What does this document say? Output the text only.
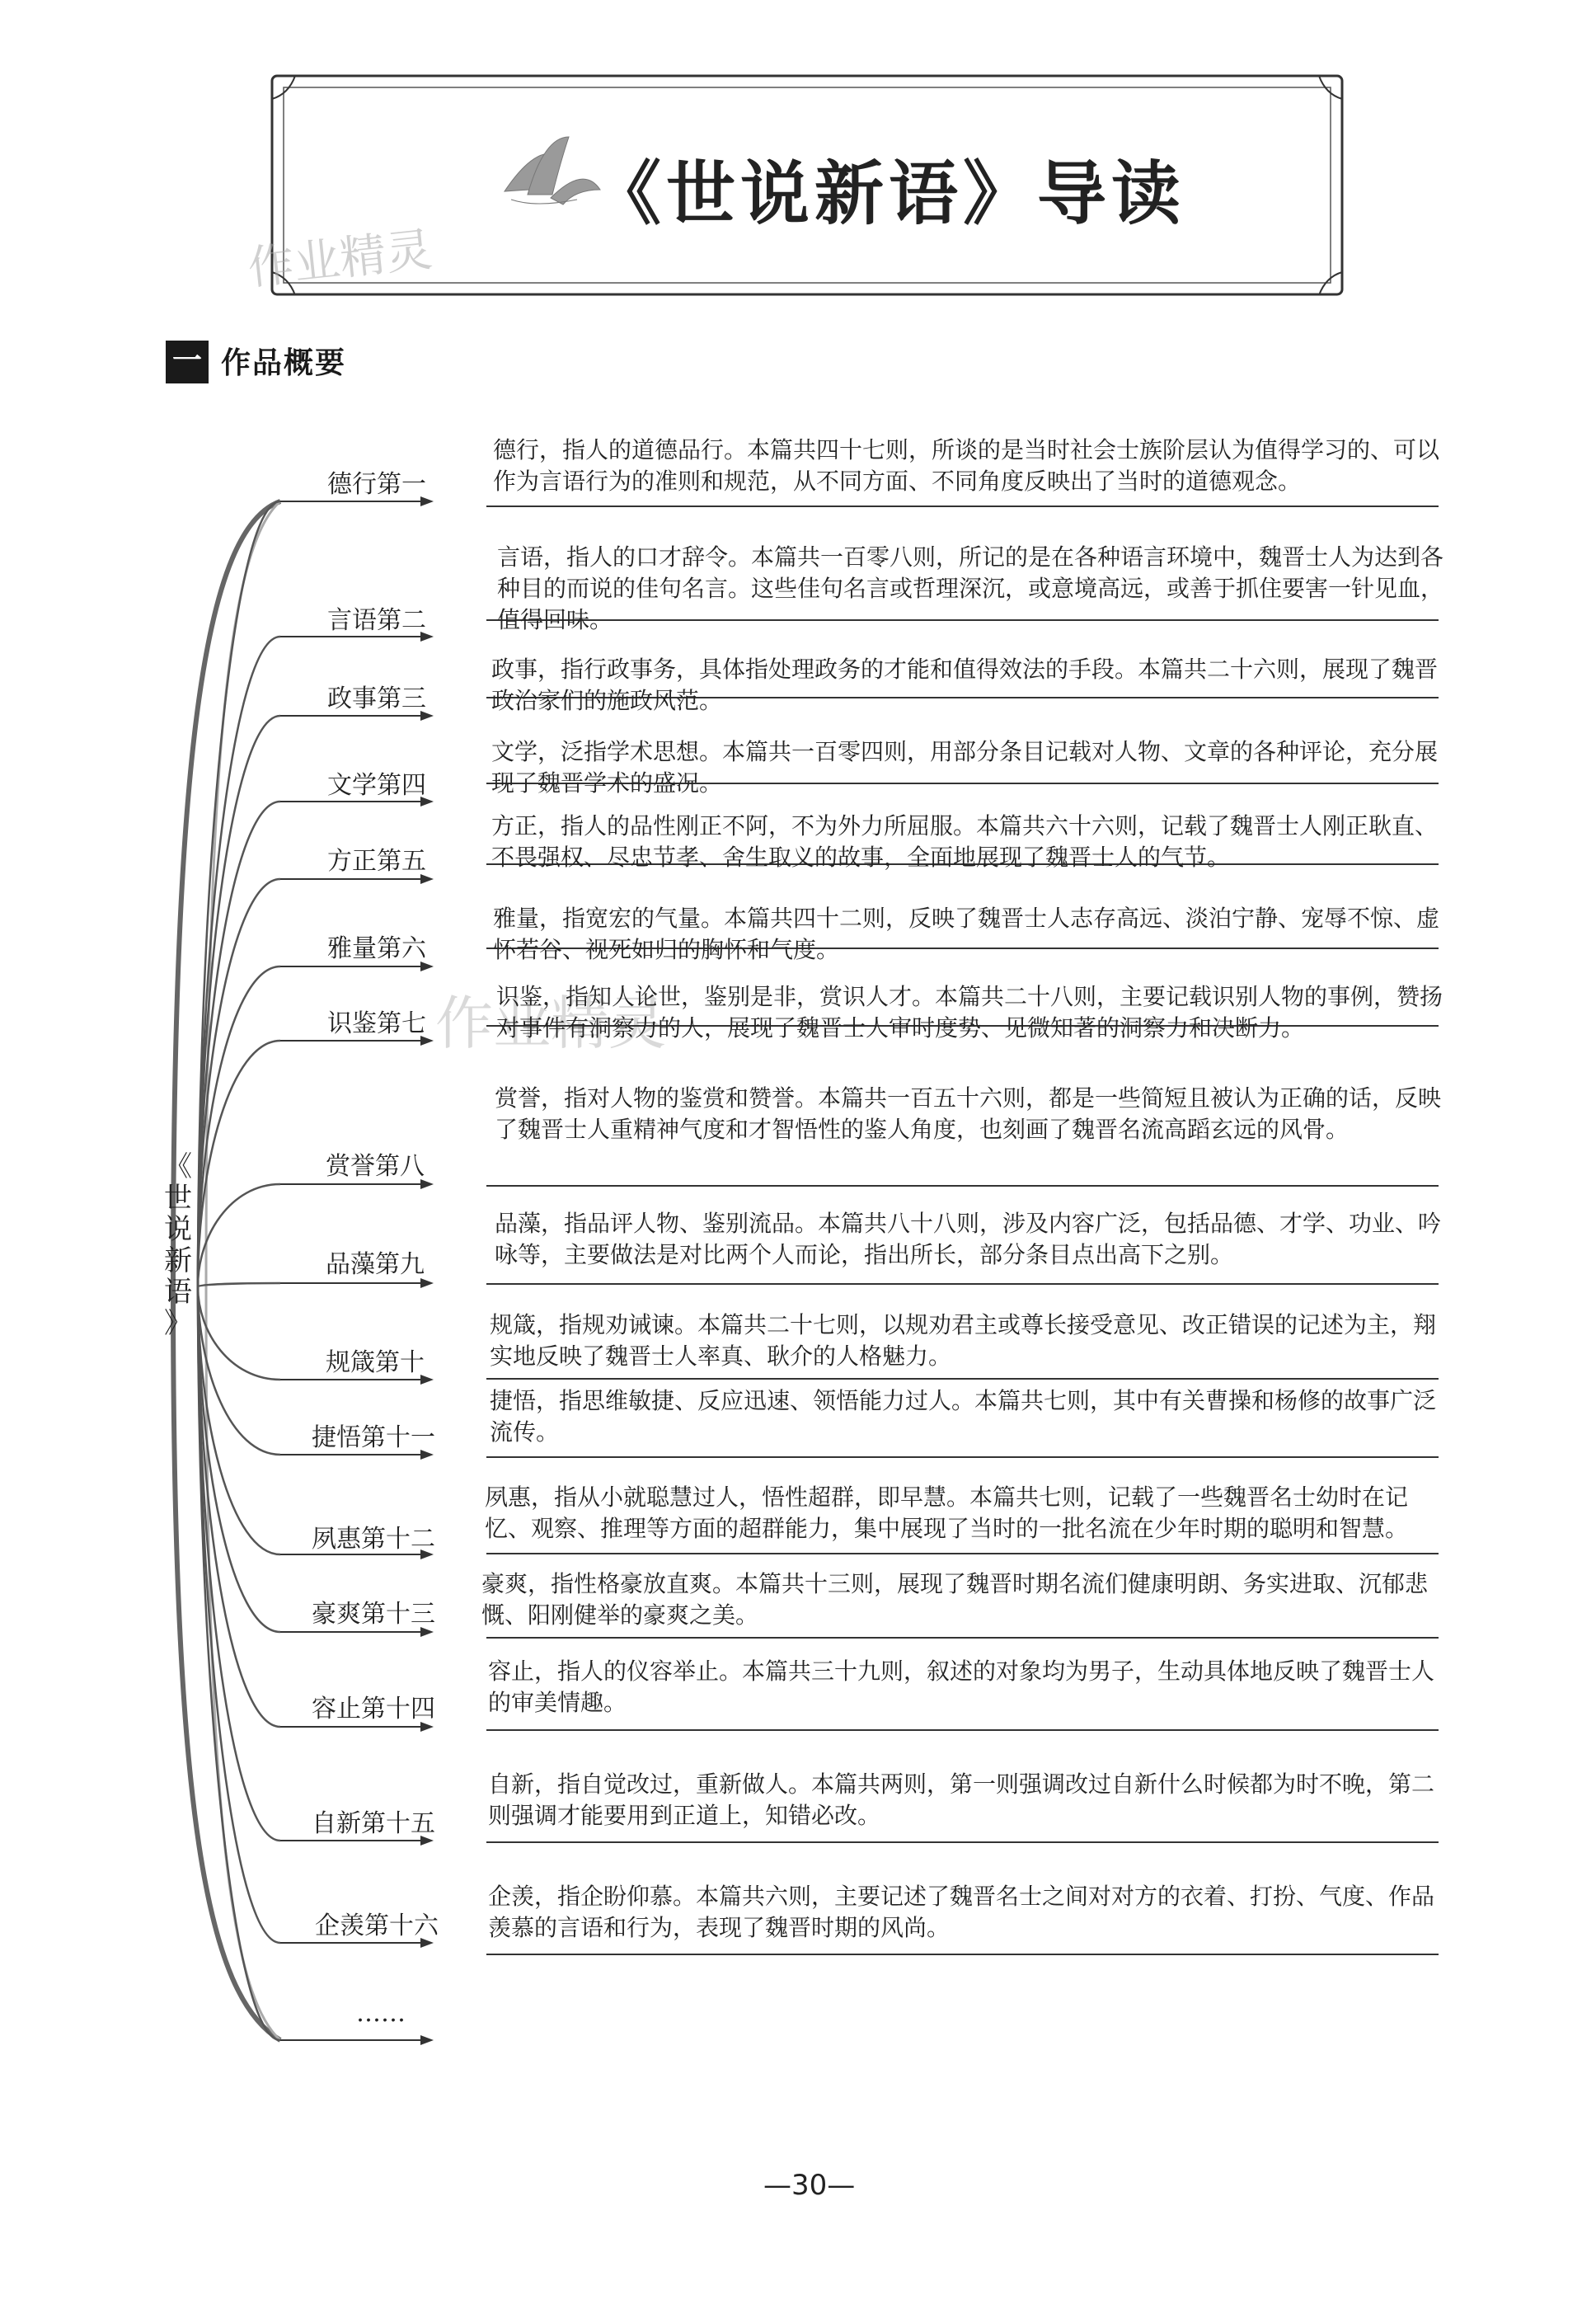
《世说新语》导读
作业精灵
作业精灵
一 作品概要
《
世
说
新
语
》
德行第一
言语第二
政事第三
文学第四
方正第五
雅量第六
识鉴第七
赏誉第八
品藻第九
规箴第十
捷悟第十一
夙惠第十二
豪爽第十三
容止第十四
自新第十五
企羡第十六
……

德行，指人的道德品行。本篇共四十七则，所谈的是当时社会士族阶层认为值得学习的、可以作为言语行为的准则和规范，从不同方面、不同角度反映出了当时的道德观念。

言语，指人的口才辞令。本篇共一百零八则，所记的是在各种语言环境中，魏晋士人为达到各种目的而说的佳句名言。这些佳句名言或哲理深沉，或意境高远，或善于抓住要害一针见血，值得回味。

政事，指行政事务，具体指处理政务的才能和值得效法的手段。本篇共二十六则，展现了魏晋政治家们的施政风范。

文学，泛指学术思想。本篇共一百零四则，用部分条目记载对人物、文章的各种评论，充分展现了魏晋学术的盛况。

方正，指人的品性刚正不阿，不为外力所屈服。本篇共六十六则，记载了魏晋士人刚正耿直、不畏强权、尽忠节孝、舍生取义的故事，全面地展现了魏晋士人的气节。

雅量，指宽宏的气量。本篇共四十二则，反映了魏晋士人志存高远、淡泊宁静、宠辱不惊、虚怀若谷、视死如归的胸怀和气度。

识鉴，指知人论世，鉴别是非，赏识人才。本篇共二十八则，主要记载识别人物的事例，赞扬对事件有洞察力的人，展现了魏晋士人审时度势、见微知著的洞察力和决断力。

赏誉，指对人物的鉴赏和赞誉。本篇共一百五十六则，都是一些简短且被认为正确的话，反映了魏晋士人重精神气度和才智悟性的鉴人角度，也刻画了魏晋名流高蹈玄远的风骨。

品藻，指品评人物、鉴别流品。本篇共八十八则，涉及内容广泛，包括品德、才学、功业、吟咏等，主要做法是对比两个人而论，指出所长，部分条目点出高下之别。

规箴，指规劝诫谏。本篇共二十七则，以规劝君主或尊长接受意见、改正错误的记述为主，翔实地反映了魏晋士人率真、耿介的人格魅力。

捷悟，指思维敏捷、反应迅速、领悟能力过人。本篇共七则，其中有关曹操和杨修的故事广泛流传。

夙惠，指从小就聪慧过人，悟性超群，即早慧。本篇共七则，记载了一些魏晋名士幼时在记忆、观察、推理等方面的超群能力，集中展现了当时的一批名流在少年时期的聪明和智慧。

豪爽，指性格豪放直爽。本篇共十三则，展现了魏晋时期名流们健康明朗、务实进取、沉郁悲慨、阳刚健举的豪爽之美。

容止，指人的仪容举止。本篇共三十九则，叙述的对象均为男子，生动具体地反映了魏晋士人的审美情趣。

自新，指自觉改过，重新做人。本篇共两则，第一则强调改过自新什么时候都为时不晚，第二则强调才能要用到正道上，知错必改。

企羡，指企盼仰慕。本篇共六则，主要记述了魏晋名士之间对对方的衣着、打扮、气度、作品羡慕的言语和行为，表现了魏晋时期的风尚。

—30—
